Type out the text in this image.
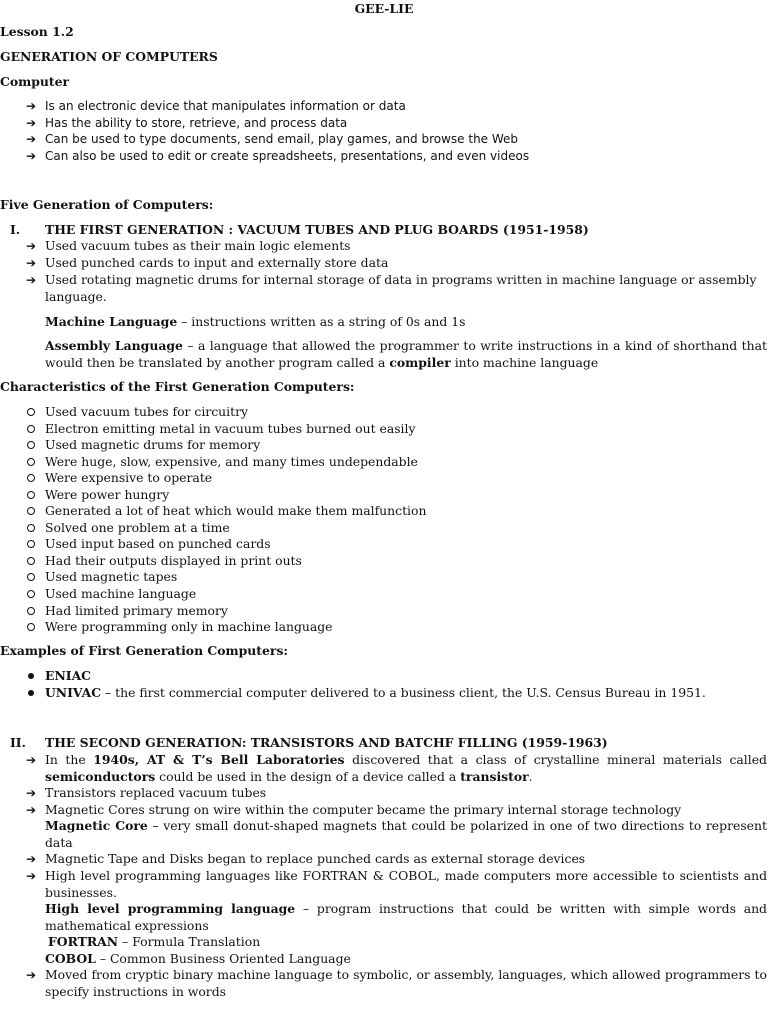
GEE-LIE
Lesson 1.2
GENERATION OF COMPUTERS
Computer
➔ Is an electronic device that manipulates information or data
➔ Has the ability to store, retrieve, and process data
➔ Can be used to type documents, send email, play games, and browse the Web
➔ Can also be used to edit or create spreadsheets, presentations, and even videos
Five Generation of Computers:
I. THE FIRST GENERATION : VACUUM TUBES AND PLUG BOARDS (1951-1958)
➔ Used vacuum tubes as their main logic elements
➔ Used punched cards to input and externally store data
➔ Used rotating magnetic drums for internal storage of data in programs written in machine language or assembly language.
Machine Language – instructions written as a string of 0s and 1s
Assembly Language – a language that allowed the programmer to write instructions in a kind of shorthand that would then be translated by another program called a compiler into machine language
Characteristics of the First Generation Computers:
Used vacuum tubes for circuitry
Electron emitting metal in vacuum tubes burned out easily
Used magnetic drums for memory
Were huge, slow, expensive, and many times undependable
Were expensive to operate
Were power hungry
Generated a lot of heat which would make them malfunction
Solved one problem at a time
Used input based on punched cards
Had their outputs displayed in print outs
Used magnetic tapes
Used machine language
Had limited primary memory
Were programming only in machine language
Examples of First Generation Computers:
ENIAC
UNIVAC – the first commercial computer delivered to a business client, the U.S. Census Bureau in 1951.
II. THE SECOND GENERATION: TRANSISTORS AND BATCHF FILLING (1959-1963)
➔ In the 1940s, AT & T’s Bell Laboratories discovered that a class of crystalline mineral materials called semiconductors could be used in the design of a device called a transistor.
➔ Transistors replaced vacuum tubes
➔ Magnetic Cores strung on wire within the computer became the primary internal storage technology
Magnetic Core – very small donut-shaped magnets that could be polarized in one of two directions to represent data
➔ Magnetic Tape and Disks began to replace punched cards as external storage devices
➔ High level programming languages like FORTRAN & COBOL, made computers more accessible to scientists and businesses.
High level programming language – program instructions that could be written with simple words and mathematical expressions
FORTRAN – Formula Translation
COBOL – Common Business Oriented Language
➔ Moved from cryptic binary machine language to symbolic, or assembly, languages, which allowed programmers to specify instructions in words
